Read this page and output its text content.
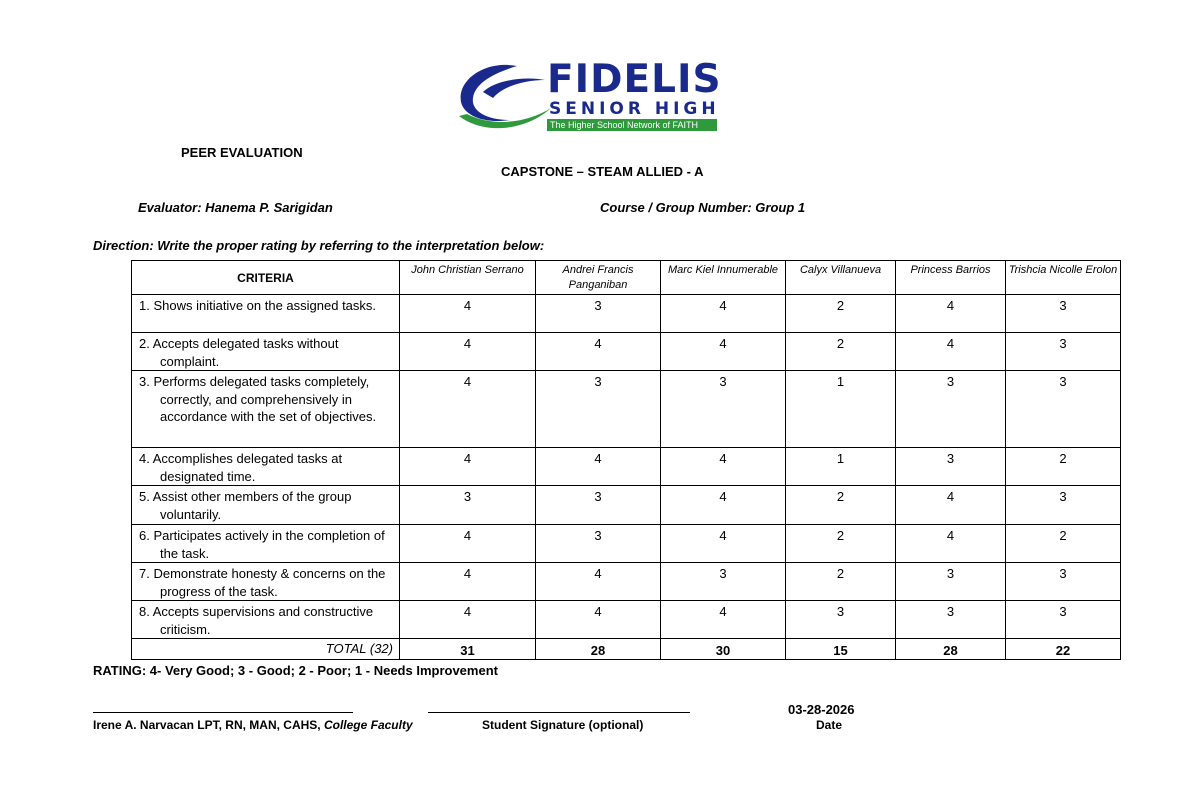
FIDELIS
SENIOR HIGH
The Higher School Network of FAITH
PEER EVALUATION
CAPSTONE – STEAM ALLIED - A
Evaluator: Hanema P. Sarigidan	Course / Group Number: Group 1
Direction: Write the proper rating by referring to the interpretation below:
CRITERIA	John Christian Serrano	Andrei Francis Panganiban	Marc Kiel Innumerable	Calyx Villanueva	Princess Barrios	Trishcia Nicolle Erolon

1. Shows initiative on the assigned tasks.	4	3	4	2	4	3

2. Accepts delegated tasks without complaint.	4	4	4	2	4	3

3. Performs delegated tasks completely, correctly, and comprehensively in accordance with the set of objectives.	4	3	3	1	3	3

4. Accomplishes delegated tasks at designated time.	4	4	4	1	3	2

5. Assist other members of the group voluntarily.	3	3	4	2	4	3

6. Participates actively in the completion of the task.	4	3	4	2	4	2

7. Demonstrate honesty & concerns on the progress of the task.	4	4	3	2	3	3

8. Accepts supervisions and constructive criticism.	4	4	4	3	3	3
TOTAL (32)	31	28	30	15	28	22
RATING: 4- Very Good; 3 - Good; 2 - Poor; 1 - Needs Improvement
Irene A. Narvacan LPT, RN, MAN, CAHS, College Faculty	Student Signature (optional)
03-28-2026
Date
